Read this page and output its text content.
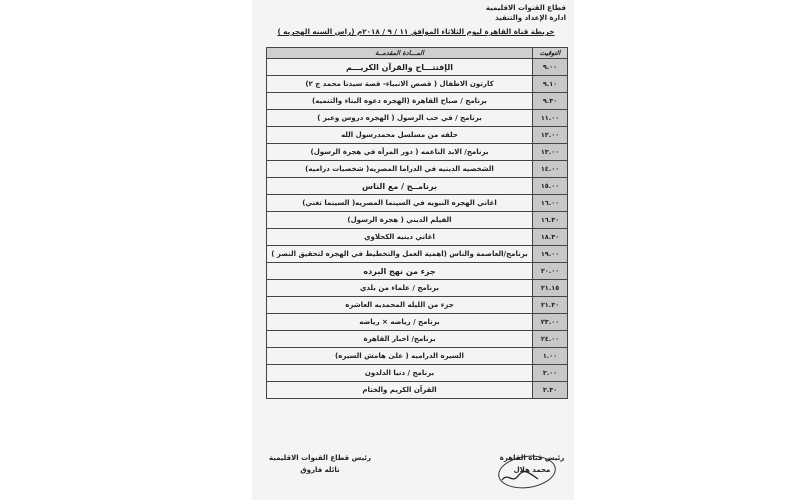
قطاع القنوات الاقليمية
ادارة الإعداد والتنفيذ
خريطة قناة القاهرة ليوم الثلاثاء الموافق ١١ / ٩ / ٢٠١٨م (راس السنه الهجريه )
التوقيت	المـــادة المقدمــة
٩.٠٠	الإفتتـــاح والقرآن الكريـــم
٩.١٠	كارتون الاطفال ( قصص الانبياء- قصة سيدنا محمد ج ٢)
٩.٣٠	برنامج / صباح القاهرة (الهجره دعوه البناء والتنميه)
١١.٠٠	برنامج / في حب الرسول ( الهجره دروس وعبر )
١٢.٠٠	حلقه من مسلسل محمدرسول الله
١٣.٠٠	برنامج/ الابد الناعمه ( دور المرأه في هجرة الرسول)
١٤.٠٠	الشخصيه الدينيه في الدراما المصريه( شخصيات دراميه)
١٥.٠٠	برنامــج / مع الناس
١٦.٠٠	اغاني الهجره النبويه في السينما المصريه( السينما تغني)
١٦.٣٠	الفيلم الديني ( هجرة الرسول)
١٨.٣٠	اغاني دينيه الكحلاوي
١٩.٠٠	برنامج/العاصمة والناس (اهمية العمل والتخطيط في الهجره لتحقيق النصر )
٢٠.٠٠	جزء من نهج البرده
٢١.١٥	برنامج / علماء من بلدي
٢١.٣٠	جزء من الليله المحمديه العاشره
٢٣.٠٠	برنامج / رياضه × رياضه
٢٤.٠٠	برنامج/ اخبار القاهرة
١.٠٠	السيره الدراميه ( على هامش السيره)
٣.٠٠	برنامج / دنيا الدلدون
٣.٣٠	القرآن الكريم والختام
رئيس قطاع القنوات الاقليمية
نائله فاروق
رئيس قناة القاهرة
محمد هلال
